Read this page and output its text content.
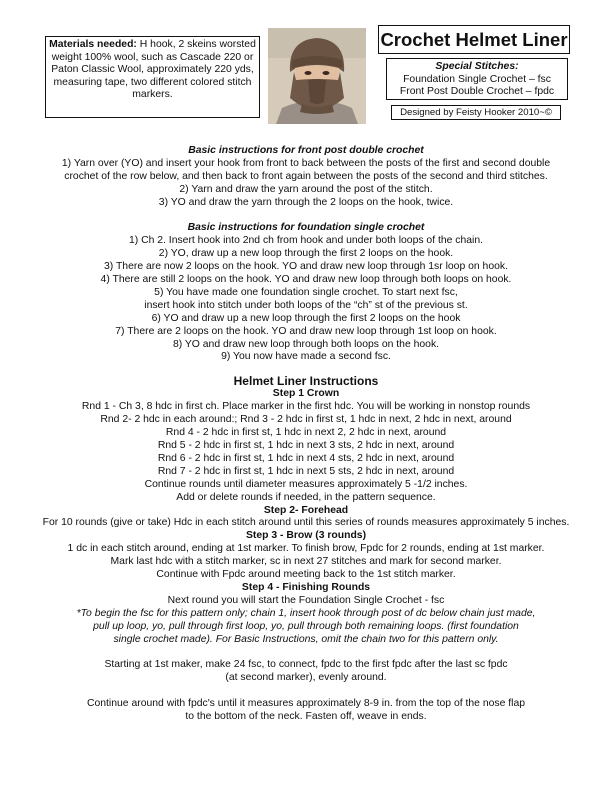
Materials needed: H hook, 2 skeins worsted weight 100% wool, such as Cascade 220 or Paton Classic Wool, approximately 220 yds, measuring tape, two different colored stitch markers.
Crochet Helmet Liner
Special Stitches:
Foundation Single Crochet – fsc
Front Post Double Crochet – fpdc
Designed by Feisty Hooker 2010~©

Basic instructions for front post double crochet

1) Yarn over (YO) and insert your hook from front to back between the posts of the first and second double

crochet of the row below, and then back to front again between the posts of the second and third stitches.

2) Yarn and draw the yarn around the post of the stitch.

3) YO and draw the yarn through the 2 loops on the hook, twice.

Basic instructions for foundation single crochet

1) Ch 2. Insert hook into 2nd ch from hook and under both loops of the chain.

2) YO, draw up a new loop through the first 2 loops on the hook.

3) There are now 2 loops on the hook. YO and draw new loop through 1sr loop on hook.

4) There are still 2 loops on the hook. YO and draw new loop through both loops on hook.

5) You have made one foundation single crochet. To start next fsc,

insert hook into stitch under both loops of the “ch” st of the previous st.

6) YO and draw up a new loop through the first 2 loops on the hook

7) There are 2 loops on the hook. YO and draw new loop through 1st loop on hook.

8) YO and draw new loop through both loops on the hook.

9) You now have made a second fsc.

Helmet Liner Instructions

Step 1 Crown

Rnd 1 - Ch 3, 8 hdc in first ch. Place marker in the first hdc. You will be working in nonstop rounds

Rnd 2- 2 hdc in each around:; Rnd 3 - 2 hdc in first st, 1 hdc in next, 2 hdc in next, around

Rnd 4 - 2 hdc in first st, 1 hdc in next 2, 2 hdc in next, around

Rnd 5 - 2 hdc in first st, 1 hdc in next 3 sts, 2 hdc in next, around

Rnd 6 - 2 hdc in first st, 1 hdc in next 4 sts, 2 hdc in next, around

Rnd 7 - 2 hdc in first st, 1 hdc in next 5 sts, 2 hdc in next, around

Continue rounds until diameter measures approximately 5 -1/2 inches.

Add or delete rounds if needed, in the pattern sequence.

Step 2- Forehead

For 10 rounds (give or take) Hdc in each stitch around until this series of rounds measures approximately 5 inches.

Step 3 - Brow (3 rounds)

1 dc in each stitch around, ending at 1st marker. To finish brow, Fpdc for 2 rounds, ending at 1st marker.

Mark last hdc with a stitch marker, sc in next 27 stitches and mark for second marker.

Continue with Fpdc around meeting back to the 1st stitch marker.

Step 4 - Finishing Rounds

Next round you will start the Foundation Single Crochet - fsc

*To begin the fsc for this pattern only; chain 1, insert hook through post of dc below chain just made,

pull up loop, yo, pull through first loop, yo, pull through both remaining loops. (first foundation

single crochet made). For Basic Instructions, omit the chain two for this pattern only.

Starting at 1st maker, make 24 fsc, to connect, fpdc to the first fpdc after the last sc fpdc

(at second marker), evenly around.

Continue around with fpdc's until it measures approximately 8-9 in. from the top of the nose flap

to the bottom of the neck. Fasten off, weave in ends.
